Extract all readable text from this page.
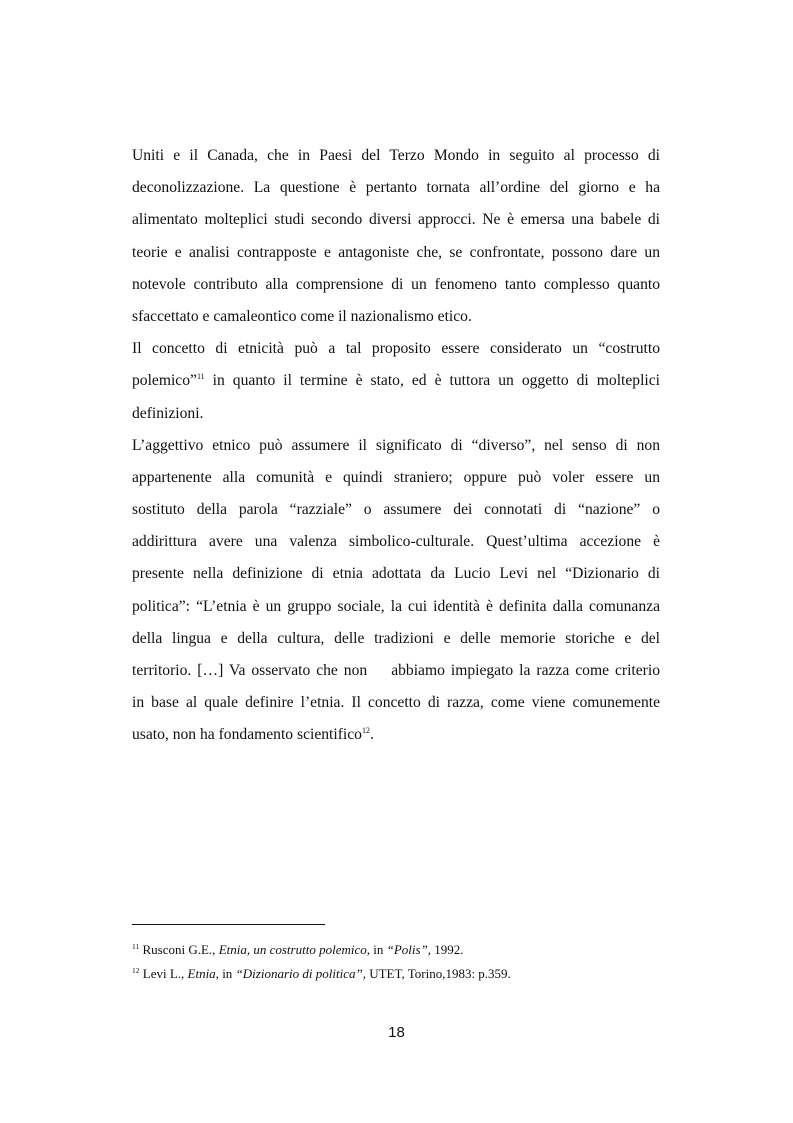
Uniti e il Canada, che in Paesi del Terzo Mondo in seguito al processo di
deconolizzazione. La questione è pertanto tornata all’ordine del giorno e ha
alimentato molteplici studi secondo diversi approcci. Ne è emersa una babele di
teorie e analisi contrapposte e antagoniste che, se confrontate, possono dare un
notevole contributo alla comprensione di un fenomeno tanto complesso quanto
sfaccettato e camaleontico come il nazionalismo etico.
Il concetto di etnicità può a tal proposito essere considerato un “costrutto
polemico”$^{11}$ in quanto il termine è stato, ed è tuttora un oggetto di molteplici
definizioni.
L’aggettivo etnico può assumere il significato di “diverso”, nel senso di non
appartenente alla comunità e quindi straniero; oppure può voler essere un
sostituto della parola “razziale” o assumere dei connotati di “nazione” o
addirittura avere una valenza simbolico-culturale. Quest’ultima accezione è
presente nella definizione di etnia adottata da Lucio Levi nel “Dizionario di
politica”: “L’etnia è un gruppo sociale, la cui identità è definita dalla comunanza
della lingua e della cultura, delle tradizioni e delle memorie storiche e del
territorio. […] Va osservato che non abbiamo impiegato la razza come criterio
in base al quale definire l’etnia. Il concetto di razza, come viene comunemente
usato, non ha fondamento scientifico$^{12}$.
$^{11}$ Rusconi G.E., Etnia, un costrutto polemico, in “Polis”, 1992.
$^{12}$ Levi L., Etnia, in “Dizionario di politica”, UTET, Torino,1983: p.359.
18
